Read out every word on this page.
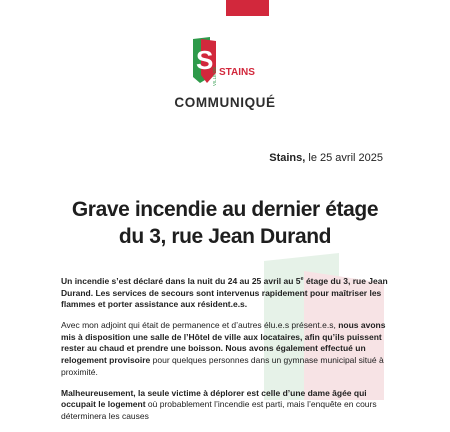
S STAINS
VILLE DE
COMMUNIQUÉ
Stains, le 25 avril 2025
Grave incendie au dernier étage
du 3, rue Jean Durand

Un incendie s’est déclaré dans la nuit du 24 au 25 avril au 5e étage du 3, rue Jean Durand. Les services de secours sont intervenus rapidement pour maîtriser les flammes et porter assistance aux résident.e.s.

Avec mon adjoint qui était de permanence et d’autres élu.e.s présent.e.s, nous avons mis à disposition une salle de l’Hôtel de ville aux locataires, afin qu’ils puissent rester au chaud et prendre une boisson. Nous avons également effectué un relogement provisoire pour quelques personnes dans un gymnase municipal situé à proximité.

Malheureusement, la seule victime à déplorer est celle d’une dame âgée qui occupait le logement où probablement l’incendie est parti, mais l’enquête en cours déterminera les causes
